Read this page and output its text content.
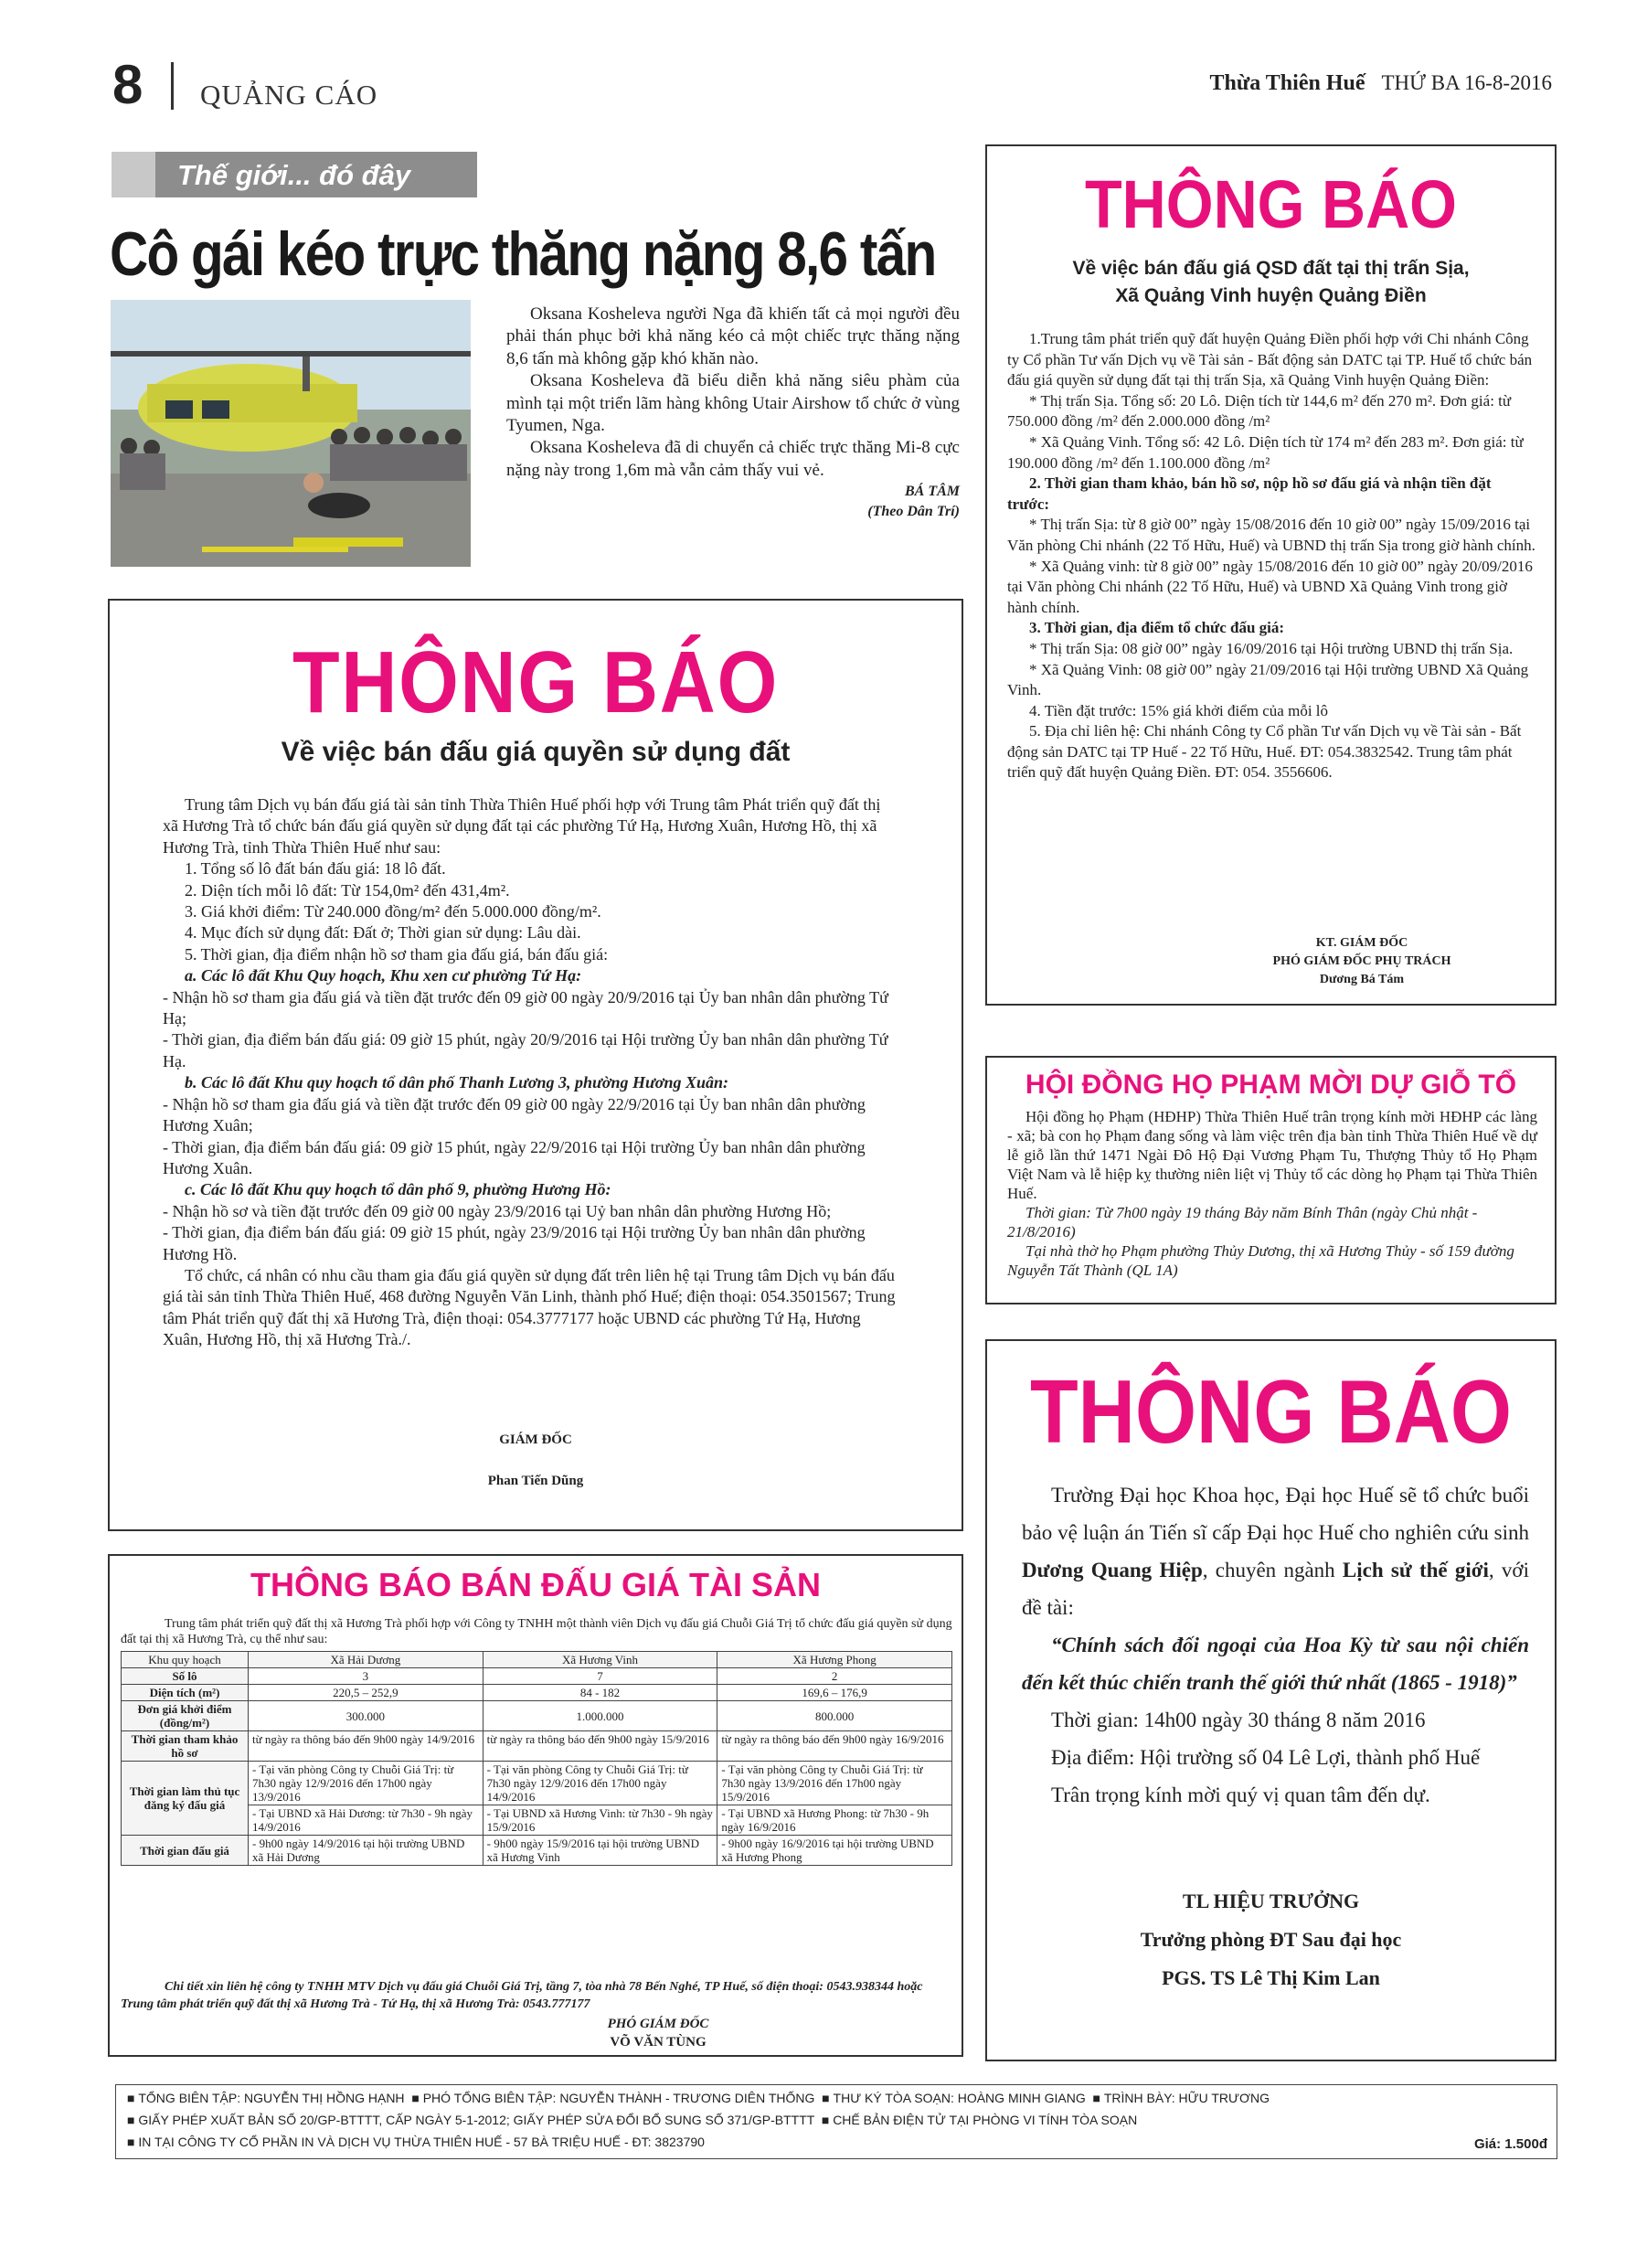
8 QUẢNG CÁO	Thừa Thiên Huế THỨ BA 16-8-2016
Thế giới... đó đây
Cô gái kéo trực thăng nặng 8,6 tấn

Oksana Kosheleva người Nga đã khiến tất cả mọi người đều phải thán phục bởi khả năng kéo cả một chiếc trực thăng nặng 8,6 tấn mà không gặp khó khăn nào.

Oksana Kosheleva đã biểu diễn khả năng siêu phàm của mình tại một triển lãm hàng không Utair Airshow tổ chức ở vùng Tyumen, Nga.

Oksana Kosheleva đã di chuyển cả chiếc trực thăng Mi-8 cực nặng này trong 1,6m mà vẫn cảm thấy vui vẻ.

BÁ TÂM

(Theo Dân Trí)

THÔNG BÁO
Về việc bán đấu giá quyền sử dụng đất
Trung tâm Dịch vụ bán đấu giá tài sản tỉnh Thừa Thiên Huế phối hợp với Trung tâm Phát triển quỹ đất thị xã Hương Trà tổ chức bán đấu giá quyền sử dụng đất tại các phường Tứ Hạ, Hương Xuân, Hương Hồ, thị xã Hương Trà, tỉnh Thừa Thiên Huế như sau:
1. Tổng số lô đất bán đấu giá: 18 lô đất.
2. Diện tích mỗi lô đất: Từ 154,0m² đến 431,4m².
3. Giá khởi điểm: Từ 240.000 đồng/m² đến 5.000.000 đồng/m².
4. Mục đích sử dụng đất: Đất ở; Thời gian sử dụng: Lâu dài.
5. Thời gian, địa điểm nhận hồ sơ tham gia đấu giá, bán đấu giá:
a. Các lô đất Khu Quy hoạch, Khu xen cư phường Tứ Hạ:
- Nhận hồ sơ tham gia đấu giá và tiền đặt trước đến 09 giờ 00 ngày 20/9/2016 tại Ủy ban nhân dân phường Tứ Hạ;
- Thời gian, địa điểm bán đấu giá: 09 giờ 15 phút, ngày 20/9/2016 tại Hội trường Ủy ban nhân dân phường Tứ Hạ.
b. Các lô đất Khu quy hoạch tổ dân phố Thanh Lương 3, phường Hương Xuân:
- Nhận hồ sơ tham gia đấu giá và tiền đặt trước đến 09 giờ 00 ngày 22/9/2016 tại Ủy ban nhân dân phường Hương Xuân;
- Thời gian, địa điểm bán đấu giá: 09 giờ 15 phút, ngày 22/9/2016 tại Hội trường Ủy ban nhân dân phường Hương Xuân.
c. Các lô đất Khu quy hoạch tổ dân phố 9, phường Hương Hồ:
- Nhận hồ sơ và tiền đặt trước đến 09 giờ 00 ngày 23/9/2016 tại Uỷ ban nhân dân phường Hương Hồ;
- Thời gian, địa điểm bán đấu giá: 09 giờ 15 phút, ngày 23/9/2016 tại Hội trường Ủy ban nhân dân phường Hương Hồ.
Tổ chức, cá nhân có nhu cầu tham gia đấu giá quyền sử dụng đất trên liên hệ tại Trung tâm Dịch vụ bán đấu giá tài sản tỉnh Thừa Thiên Huế, 468 đường Nguyễn Văn Linh, thành phố Huế; điện thoại: 054.3501567; Trung tâm Phát triển quỹ đất thị xã Hương Trà, điện thoại: 054.3777177 hoặc UBND các phường Tứ Hạ, Hương Xuân, Hương Hồ, thị xã Hương Trà./.
GIÁM ĐỐC
Phan Tiến Dũng
THÔNG BÁO
Về việc bán đấu giá QSD đất tại thị trấn Sịa,
Xã Quảng Vinh huyện Quảng Điền
1.Trung tâm phát triển quỹ đất huyện Quảng Điền phối hợp với Chi nhánh Công ty Cổ phần Tư vấn Dịch vụ về Tài sản - Bất động sản DATC tại TP. Huế tổ chức bán đấu giá quyền sử dụng đất tại thị trấn Sịa, xã Quảng Vinh huyện Quảng Điền:
* Thị trấn Sịa. Tổng số: 20 Lô. Diện tích từ 144,6 m² đến 270 m². Đơn giá: từ 750.000 đồng /m² đến 2.000.000 đồng /m²
* Xã Quảng Vinh. Tổng số: 42 Lô. Diện tích từ 174 m² đến 283 m². Đơn giá: từ 190.000 đồng /m² đến 1.100.000 đồng /m²
2. Thời gian tham khảo, bán hồ sơ, nộp hồ sơ đấu giá và nhận tiền đặt trước:
* Thị trấn Sịa: từ 8 giờ 00” ngày 15/08/2016 đến 10 giờ 00” ngày 15/09/2016 tại Văn phòng Chi nhánh (22 Tố Hữu, Huế) và UBND thị trấn Sịa trong giờ hành chính.
* Xã Quảng vinh: từ 8 giờ 00” ngày 15/08/2016 đến 10 giờ 00” ngày 20/09/2016 tại Văn phòng Chi nhánh (22 Tố Hữu, Huế) và UBND Xã Quảng Vinh trong giờ hành chính.
3. Thời gian, địa điểm tổ chức đấu giá:
* Thị trấn Sịa: 08 giờ 00” ngày 16/09/2016 tại Hội trường UBND thị trấn Sịa.
* Xã Quảng Vinh: 08 giờ 00” ngày 21/09/2016 tại Hội trường UBND Xã Quảng Vinh.
4. Tiền đặt trước: 15% giá khởi điểm của mỗi lô
5. Địa chỉ liên hệ: Chi nhánh Công ty Cổ phần Tư vấn Dịch vụ về Tài sản - Bất động sản DATC tại TP Huế - 22 Tố Hữu, Huế. ĐT: 054.3832542. Trung tâm phát triển quỹ đất huyện Quảng Điền. ĐT: 054. 3556606.
KT. GIÁM ĐỐC
PHÓ GIÁM ĐỐC PHỤ TRÁCH
Dương Bá Tám
HỘI ĐỒNG HỌ PHẠM MỜI DỰ GIỖ TỔ

Hội đồng họ Phạm (HĐHP) Thừa Thiên Huế trân trọng kính mời HĐHP các làng - xã; bà con họ Phạm đang sống và làm việc trên địa bàn tỉnh Thừa Thiên Huế về dự lễ giỗ lần thứ 1471 Ngài Đô Hộ Đại Vương Phạm Tu, Thượng Thủy tổ Họ Phạm Việt Nam và lễ hiệp kỵ thường niên liệt vị Thủy tổ các dòng họ Phạm tại Thừa Thiên Huế.

Thời gian: Từ 7h00 ngày 19 tháng Bảy năm Bính Thân (ngày Chủ nhật - 21/8/2016)

Tại nhà thờ họ Phạm phường Thủy Dương, thị xã Hương Thủy - số 159 đường Nguyễn Tất Thành (QL 1A)

THÔNG BÁO

Trường Đại học Khoa học, Đại học Huế sẽ tổ chức buổi bảo vệ luận án Tiến sĩ cấp Đại học Huế cho nghiên cứu sinh Dương Quang Hiệp, chuyên ngành Lịch sử thế giới, với đề tài:

“Chính sách đối ngoại của Hoa Kỳ từ sau nội chiến đến kết thúc chiến tranh thế giới thứ nhất (1865 - 1918)”

Thời gian: 14h00 ngày 30 tháng 8 năm 2016

Địa điểm: Hội trường số 04 Lê Lợi, thành phố Huế

Trân trọng kính mời quý vị quan tâm đến dự.

TL HIỆU TRƯỞNG
Trưởng phòng ĐT Sau đại học
PGS. TS Lê Thị Kim Lan
THÔNG BÁO BÁN ĐẤU GIÁ TÀI SẢN

Trung tâm phát triển quỹ đất thị xã Hương Trà phối hợp với Công ty TNHH một thành viên Dịch vụ đấu giá Chuỗi Giá Trị tổ chức đấu giá quyền sử dụng đất tại thị xã Hương Trà, cụ thể như sau:

Khu quy hoạch	Xã Hải Dương	Xã Hương Vinh	Xã Hương Phong
Số lô	3	7	2
Diện tích (m²)	220,5 – 252,9	84 - 182	169,6 – 176,9
Đơn giá khởi điểm (đồng/m²)	300.000	1.000.000	800.000
Thời gian tham khảo hồ sơ	từ ngày ra thông báo đến 9h00 ngày 14/9/2016	từ ngày ra thông báo đến 9h00 ngày 15/9/2016	từ ngày ra thông báo đến 9h00 ngày 16/9/2016
Thời gian làm thủ tục đăng ký đấu giá	- Tại văn phòng Công ty Chuỗi Giá Trị: từ 7h30 ngày 12/9/2016 đến 17h00 ngày 13/9/2016	- Tại văn phòng Công ty Chuỗi Giá Trị: từ 7h30 ngày 12/9/2016 đến 17h00 ngày 14/9/2016	- Tại văn phòng Công ty Chuỗi Giá Trị: từ 7h30 ngày 13/9/2016 đến 17h00 ngày 15/9/2016
	- Tại UBND xã Hải Dương: từ 7h30 - 9h ngày 14/9/2016	- Tại UBND xã Hương Vinh: từ 7h30 - 9h ngày 15/9/2016	- Tại UBND xã Hương Phong: từ 7h30 - 9h ngày 16/9/2016
Thời gian đấu giá	- 9h00 ngày 14/9/2016 tại hội trường UBND xã Hải Dương	- 9h00 ngày 15/9/2016 tại hội trường UBND xã Hương Vinh	- 9h00 ngày 16/9/2016 tại hội trường UBND xã Hương Phong

Chi tiết xin liên hệ công ty TNHH MTV Dịch vụ đấu giá Chuỗi Giá Trị, tầng 7, tòa nhà 78 Bến Nghé, TP Huế, số điện thoại: 0543.938344 hoặc Trung tâm phát triển quỹ đất thị xã Hương Trà - Tứ Hạ, thị xã Hương Trà: 0543.777177

PHÓ GIÁM ĐỐC
VÕ VĂN TÙNG
■ TỔNG BIÊN TẬP: NGUYỄN THỊ HỒNG HẠNH  ■ PHÓ TỔNG BIÊN TẬP: NGUYỄN THÀNH - TRƯƠNG DIÊN THỐNG  ■ THƯ KÝ TÒA SOẠN: HOÀNG MINH GIANG  ■ TRÌNH BÀY: HỮU TRƯƠNG
■ GIẤY PHÉP XUẤT BẢN SỐ 20/GP-BTTTT, CẤP NGÀY 5-1-2012; GIẤY PHÉP SỬA ĐỔI BỔ SUNG SỐ 371/GP-BTTTT  ■ CHẾ BẢN ĐIỆN TỬ TẠI PHÒNG VI TÍNH TÒA SOẠN
■ IN TẠI CÔNG TY CỔ PHẦN IN VÀ DỊCH VỤ THỪA THIÊN HUẾ - 57 BÀ TRIỆU HUẾ - ĐT: 3823790	Giá: 1.500đ
